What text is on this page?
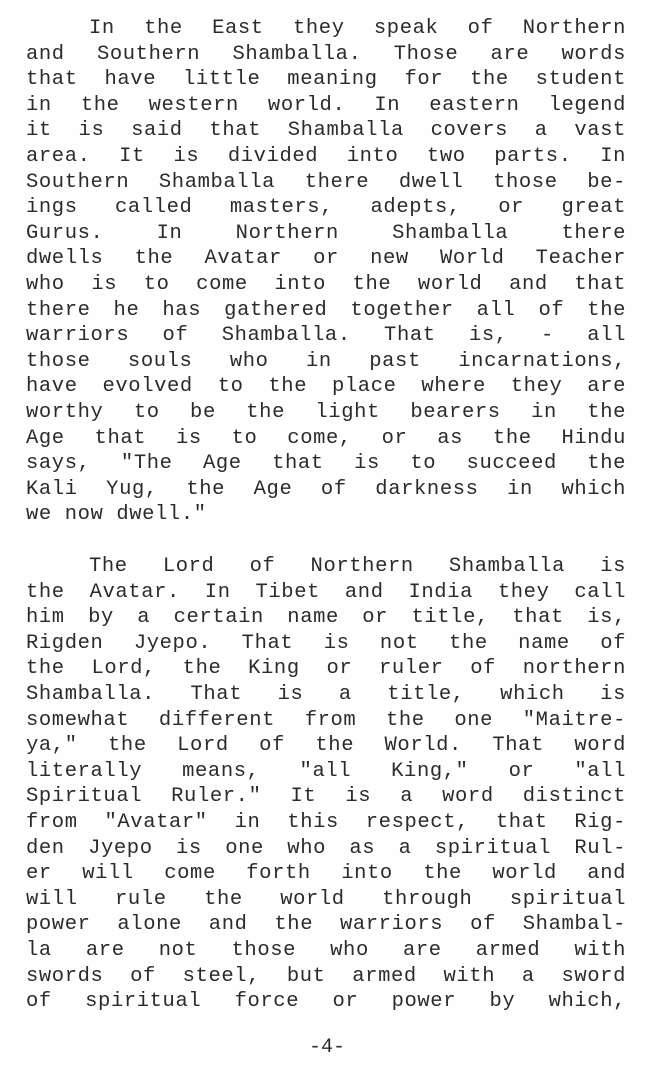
In the East they speak of Northern
and Southern Shamballa. Those are words
that have little meaning for the student
in the western world. In eastern legend
it is said that Shamballa covers a vast
area. It is divided into two parts. In
Southern Shamballa there dwell those be-
ings called masters, adepts, or great
Gurus. In Northern Shamballa there
dwells the Avatar or new World Teacher
who is to come into the world and that
there he has gathered together all of the
warriors of Shamballa. That is, - all
those souls who in past incarnations,
have evolved to the place where they are
worthy to be the light bearers in the
Age that is to come, or as the Hindu
says, "The Age that is to succeed the
Kali Yug, the Age of darkness in which
we now dwell."
The Lord of Northern Shamballa is
the Avatar. In Tibet and India they call
him by a certain name or title, that is,
Rigden Jyepo. That is not the name of
the Lord, the King or ruler of northern
Shamballa. That is a title, which is
somewhat different from the one "Maitre-
ya," the Lord of the World. That word
literally means, "all King," or "all
Spiritual Ruler." It is a word distinct
from "Avatar" in this respect, that Rig-
den Jyepo is one who as a spiritual Rul-
er will come forth into the world and
will rule the world through spiritual
power alone and the warriors of Shambal-
la are not those who are armed with
swords of steel, but armed with a sword
of spiritual force or power by which,
-4-
